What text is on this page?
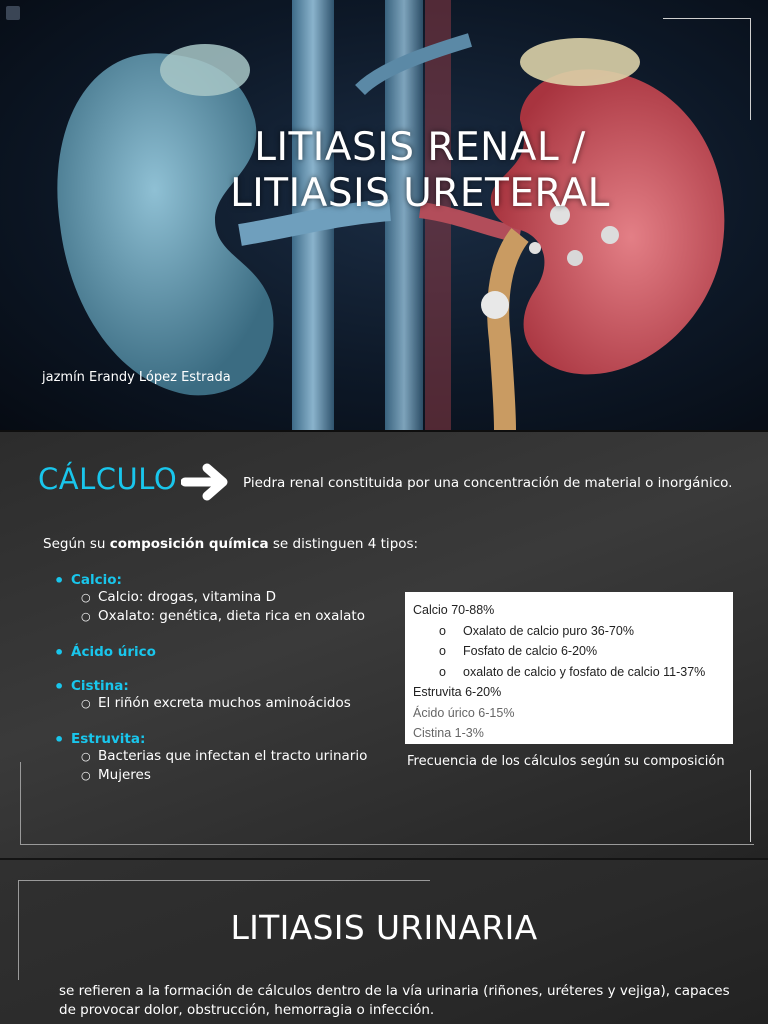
LITIASIS RENAL /
LITIASIS URETERAL
jazmín Erandy López Estrada
CÁLCULO	Piedra renal constituida por una concentración de material o inorgánico.
Según su composición química se distinguen 4 tipos:
• Calcio:
○ Calcio: drogas, vitamina D
○ Oxalato: genética, dieta rica en oxalato
• Ácido úrico
• Cistina:
○ El riñón excreta muchos aminoácidos
• Estruvita:
○ Bacterias que infectan el tracto urinario
○ Mujeres
Calcio 70-88%
o Oxalato de calcio puro 36-70%
o Fosfato de calcio 6-20%
o oxalato de calcio y fosfato de calcio 11-37%
Estruvita 6-20%
Ácido úrico 6-15%
Cistina 1-3%
Frecuencia de los cálculos según su composición
LITIASIS URINARIA
se refieren a la formación de cálculos dentro de la vía urinaria (riñones, uréteres y vejiga), capaces de provocar dolor, obstrucción, hemorragia o infección.
